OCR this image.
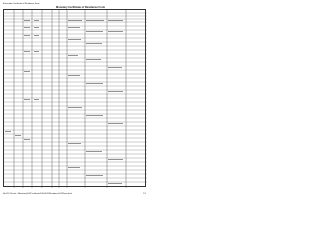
Eurocodes Certificate of Residence Form
Monetary Certificate of Residence Form
file:///C:/Users/.../Monetary%20Certificate%20of%20Residence%20Form.html	1/1
